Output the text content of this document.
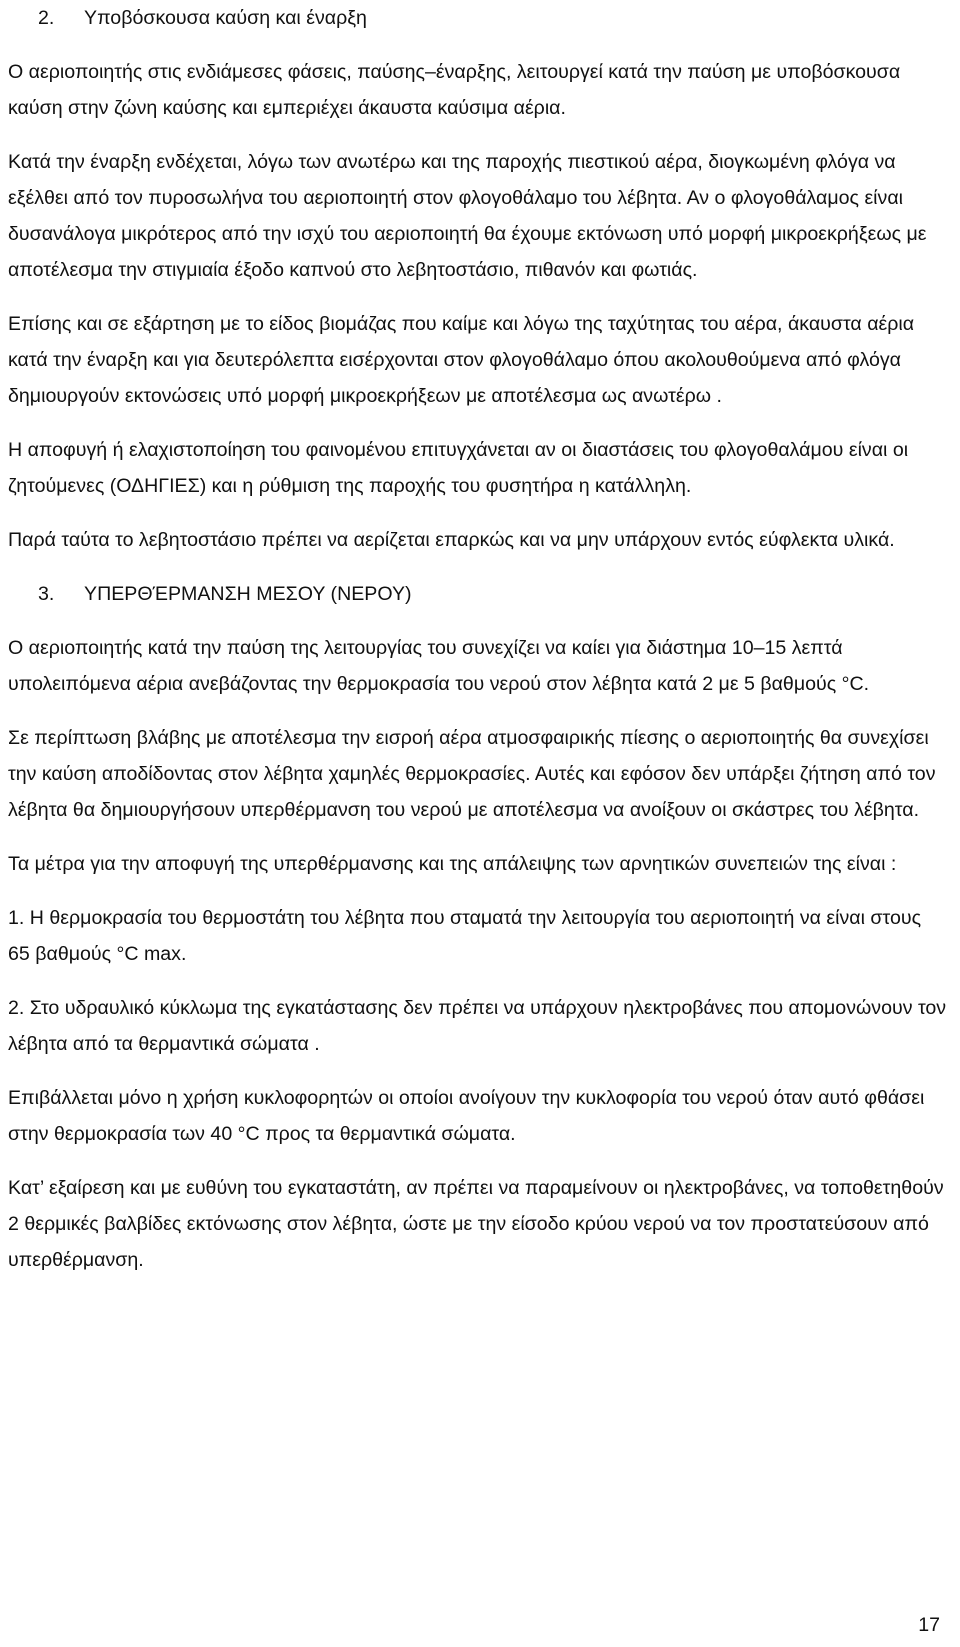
2.	Υποβόσκουσα καύση και έναρξη

Ο αεριοποιητής στις ενδιάμεσες φάσεις, παύσης–έναρξης, λειτουργεί κατά την παύση με υποβόσκουσα καύση στην ζώνη καύσης και εμπεριέχει άκαυστα καύσιμα αέρια.

Κατά την έναρξη ενδέχεται, λόγω των ανωτέρω και της παροχής πιεστικού αέρα, διογκωμένη φλόγα να εξέλθει από τον πυροσωλήνα του αεριοποιητή στον φλογοθάλαμο του λέβητα. Αν ο φλογοθάλαμος είναι δυσανάλογα μικρότερος από την ισχύ του αεριοποιητή θα έχουμε εκτόνωση υπό μορφή μικροεκρήξεως με αποτέλεσμα την στιγμιαία έξοδο καπνού στο λεβητοστάσιο, πιθανόν και φωτιάς.

Επίσης και σε εξάρτηση με το είδος βιομάζας που καίμε και λόγω της ταχύτητας του αέρα, άκαυστα αέρια κατά την έναρξη και για δευτερόλεπτα εισέρχονται στον φλογοθάλαμο όπου ακολουθούμενα από φλόγα δημιουργούν εκτονώσεις υπό μορφή μικροεκρήξεων με αποτέλεσμα ως ανωτέρω .

Η αποφυγή ή ελαχιστοποίηση του φαινομένου επιτυγχάνεται αν οι διαστάσεις του φλογοθαλάμου είναι οι ζητούμενες (ΟΔΗΓΙΕΣ) και η ρύθμιση της παροχής του φυσητήρα η κατάλληλη.

Παρά ταύτα το λεβητοστάσιο πρέπει να αερίζεται επαρκώς και να μην υπάρχουν εντός εύφλεκτα υλικά.

3.	ΥΠΕΡΘΈΡΜΑΝΣΗ ΜΕΣΟΥ (ΝΕΡΟΥ)

Ο αεριοποιητής κατά την παύση της λειτουργίας του συνεχίζει να καίει για διάστημα 10–15 λεπτά υπολειπόμενα αέρια ανεβάζοντας την θερμοκρασία του νερού στον λέβητα κατά 2 με 5 βαθμούς °C.

Σε περίπτωση βλάβης με αποτέλεσμα την εισροή αέρα ατμοσφαιρικής πίεσης ο αεριοποιητής θα συνεχίσει την καύση αποδίδοντας στον λέβητα χαμηλές θερμοκρασίες. Αυτές και εφόσον δεν υπάρξει ζήτηση από τον λέβητα θα δημιουργήσουν υπερθέρμανση του νερού με αποτέλεσμα να ανοίξουν οι σκάστρες του λέβητα.

Τα μέτρα για την αποφυγή της υπερθέρμανσης και της απάλειψης των αρνητικών συνεπειών της είναι :

1. Η θερμοκρασία του θερμοστάτη του λέβητα που σταματά την λειτουργία του αεριοποιητή να είναι στους 65 βαθμούς °C max.

2. Στο υδραυλικό κύκλωμα της εγκατάστασης δεν πρέπει να υπάρχουν ηλεκτροβάνες που απομονώνουν τον λέβητα από τα θερμαντικά σώματα .

Επιβάλλεται μόνο η χρήση κυκλοφορητών οι οποίοι ανοίγουν την κυκλοφορία του νερού όταν αυτό φθάσει στην θερμοκρασία των 40 °C προς τα θερμαντικά σώματα.

Κατ’ εξαίρεση και με ευθύνη του εγκαταστάτη, αν πρέπει να παραμείνουν οι ηλεκτροβάνες, να τοποθετηθούν 2 θερμικές βαλβίδες εκτόνωσης στον λέβητα, ώστε με την είσοδο κρύου νερού να τον προστατεύσουν από υπερθέρμανση.

17
